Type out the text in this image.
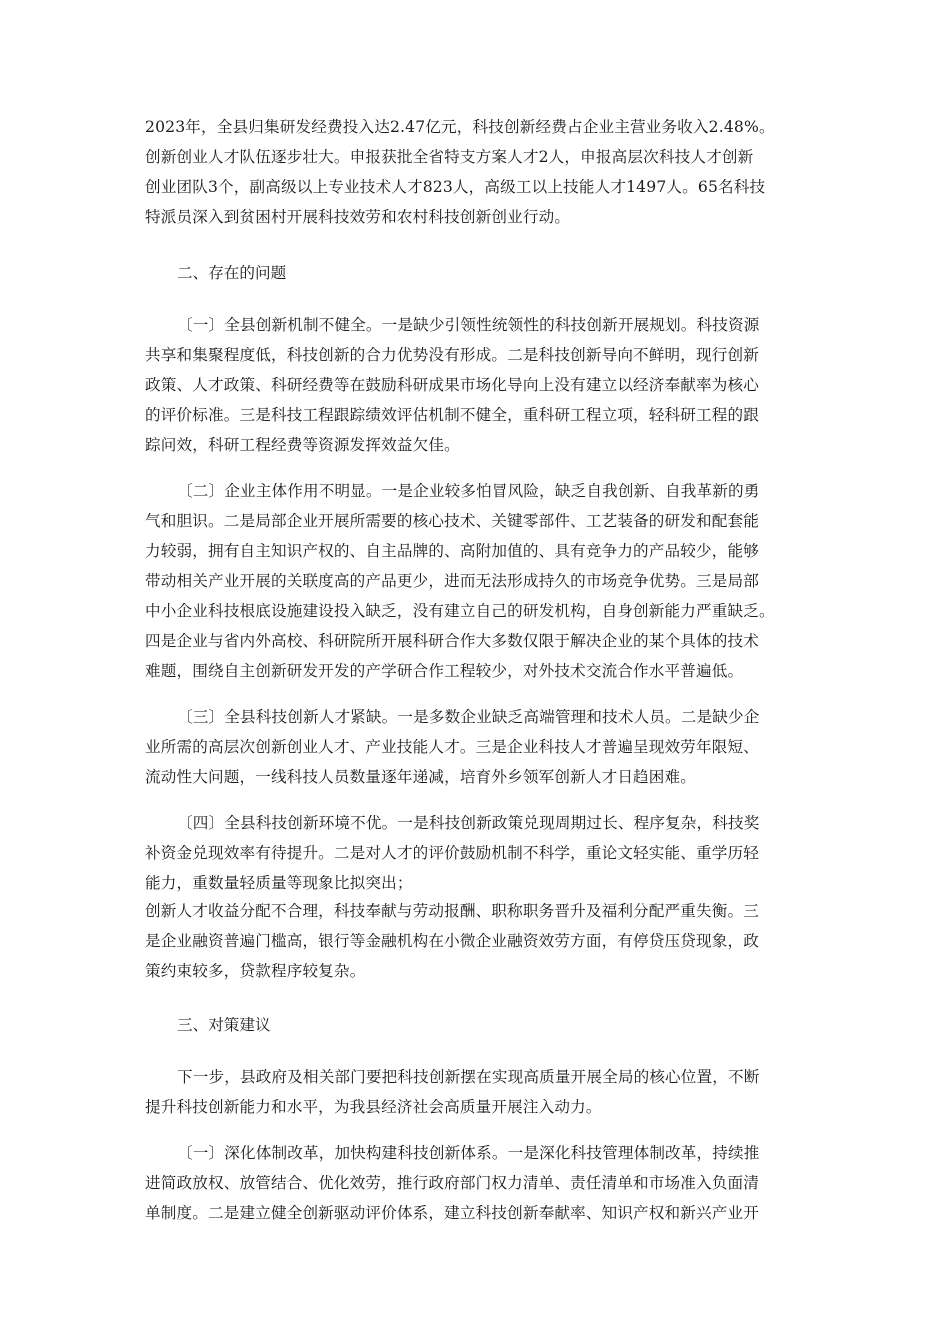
2023年，全县归集研发经费投入达2.47亿元，科技创新经费占企业主营业务收入2.48%。
创新创业人才队伍逐步壮大。申报获批全省特支方案人才2人，申报高层次科技人才创新
创业团队3个，副高级以上专业技术人才823人，高级工以上技能人才1497人。65名科技
特派员深入到贫困村开展科技效劳和农村科技创新创业行动。

二、存在的问题

〔一〕全县创新机制不健全。一是缺少引领性统领性的科技创新开展规划。科技资源
共享和集聚程度低，科技创新的合力优势没有形成。二是科技创新导向不鲜明，现行创新
政策、人才政策、科研经费等在鼓励科研成果市场化导向上没有建立以经济奉献率为核心
的评价标准。三是科技工程跟踪绩效评估机制不健全，重科研工程立项，轻科研工程的跟
踪问效，科研工程经费等资源发挥效益欠佳。

〔二〕企业主体作用不明显。一是企业较多怕冒风险，缺乏自我创新、自我革新的勇
气和胆识。二是局部企业开展所需要的核心技术、关键零部件、工艺装备的研发和配套能
力较弱，拥有自主知识产权的、自主品牌的、高附加值的、具有竞争力的产品较少，能够
带动相关产业开展的关联度高的产品更少，进而无法形成持久的市场竞争优势。三是局部
中小企业科技根底设施建设投入缺乏，没有建立自己的研发机构，自身创新能力严重缺乏。
四是企业与省内外高校、科研院所开展科研合作大多数仅限于解决企业的某个具体的技术
难题，围绕自主创新研发开发的产学研合作工程较少，对外技术交流合作水平普遍低。

〔三〕全县科技创新人才紧缺。一是多数企业缺乏高端管理和技术人员。二是缺少企
业所需的高层次创新创业人才、产业技能人才。三是企业科技人才普遍呈现效劳年限短、
流动性大问题，一线科技人员数量逐年递减，培育外乡领军创新人才日趋困难。

〔四〕全县科技创新环境不优。一是科技创新政策兑现周期过长、程序复杂，科技奖
补资金兑现效率有待提升。二是对人才的评价鼓励机制不科学，重论文轻实能、重学历轻
能力，重数量轻质量等现象比拟突出；

创新人才收益分配不合理，科技奉献与劳动报酬、职称职务晋升及福利分配严重失衡。三
是企业融资普遍门槛高，银行等金融机构在小微企业融资效劳方面，有停贷压贷现象，政
策约束较多，贷款程序较复杂。

三、对策建议

下一步，县政府及相关部门要把科技创新摆在实现高质量开展全局的核心位置，不断
提升科技创新能力和水平，为我县经济社会高质量开展注入动力。

〔一〕深化体制改革，加快构建科技创新体系。一是深化科技管理体制改革，持续推
进简政放权、放管结合、优化效劳，推行政府部门权力清单、责任清单和市场准入负面清
单制度。二是建立健全创新驱动评价体系，建立科技创新奉献率、知识产权和新兴产业开
